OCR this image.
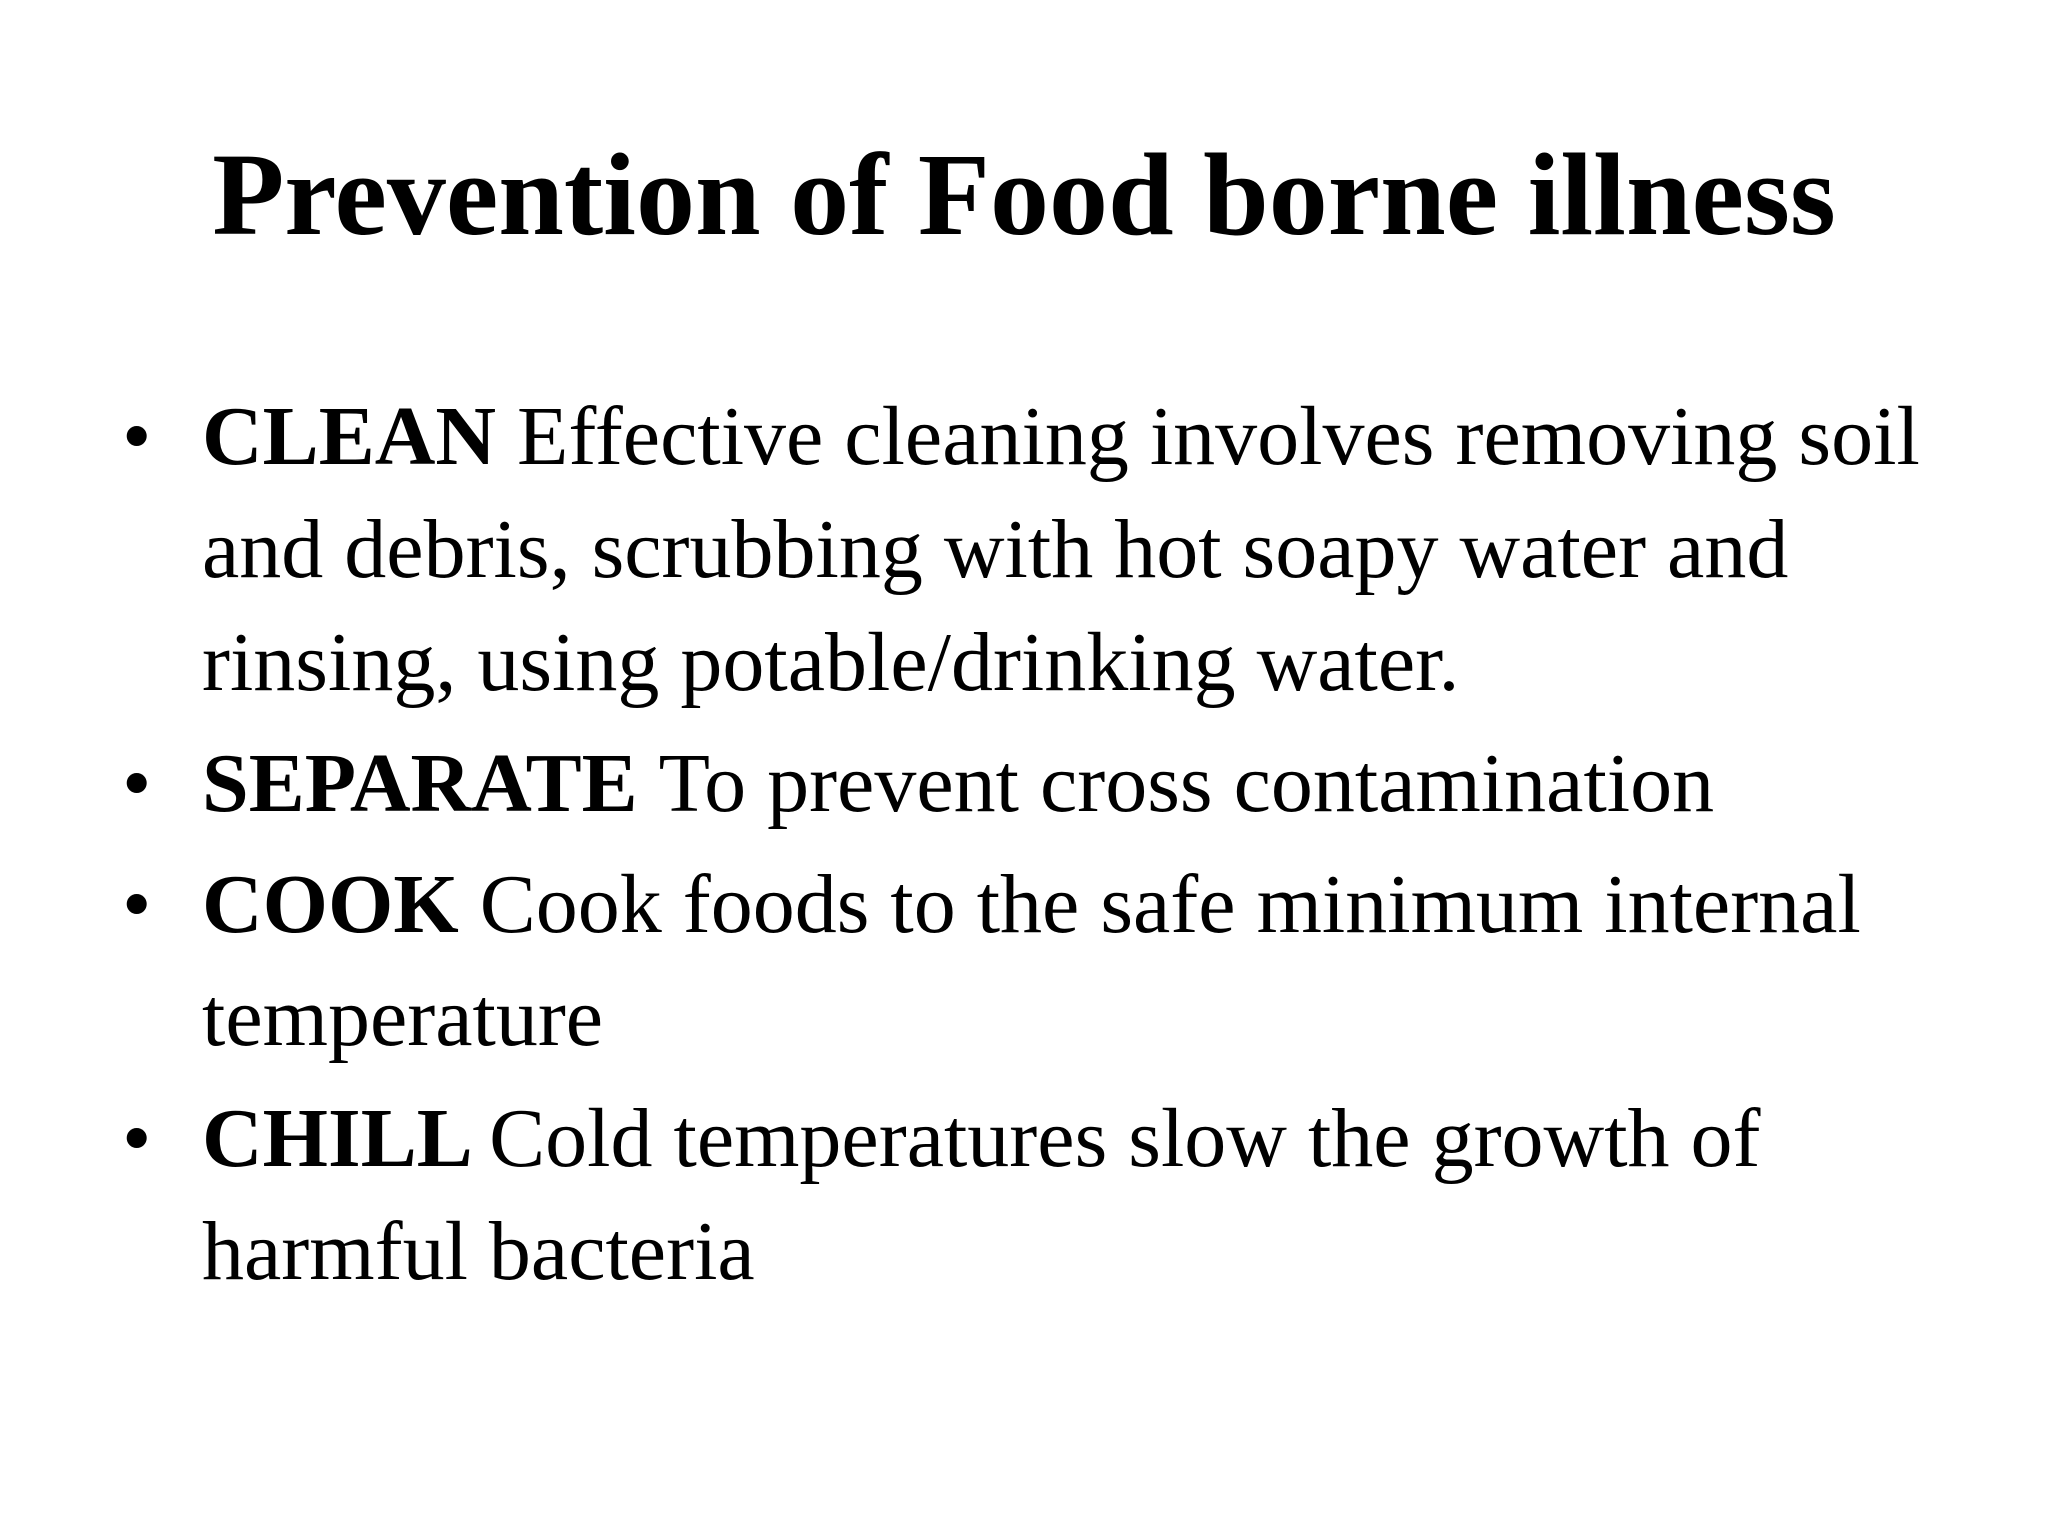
Prevention of Food borne illness
• CLEAN Effective cleaning involves removing soil and debris, scrubbing with hot soapy water and rinsing, using potable/drinking water.
• SEPARATE To prevent cross contamination
• COOK Cook foods to the safe minimum internal temperature
• CHILL Cold temperatures slow the growth of harmful bacteria
